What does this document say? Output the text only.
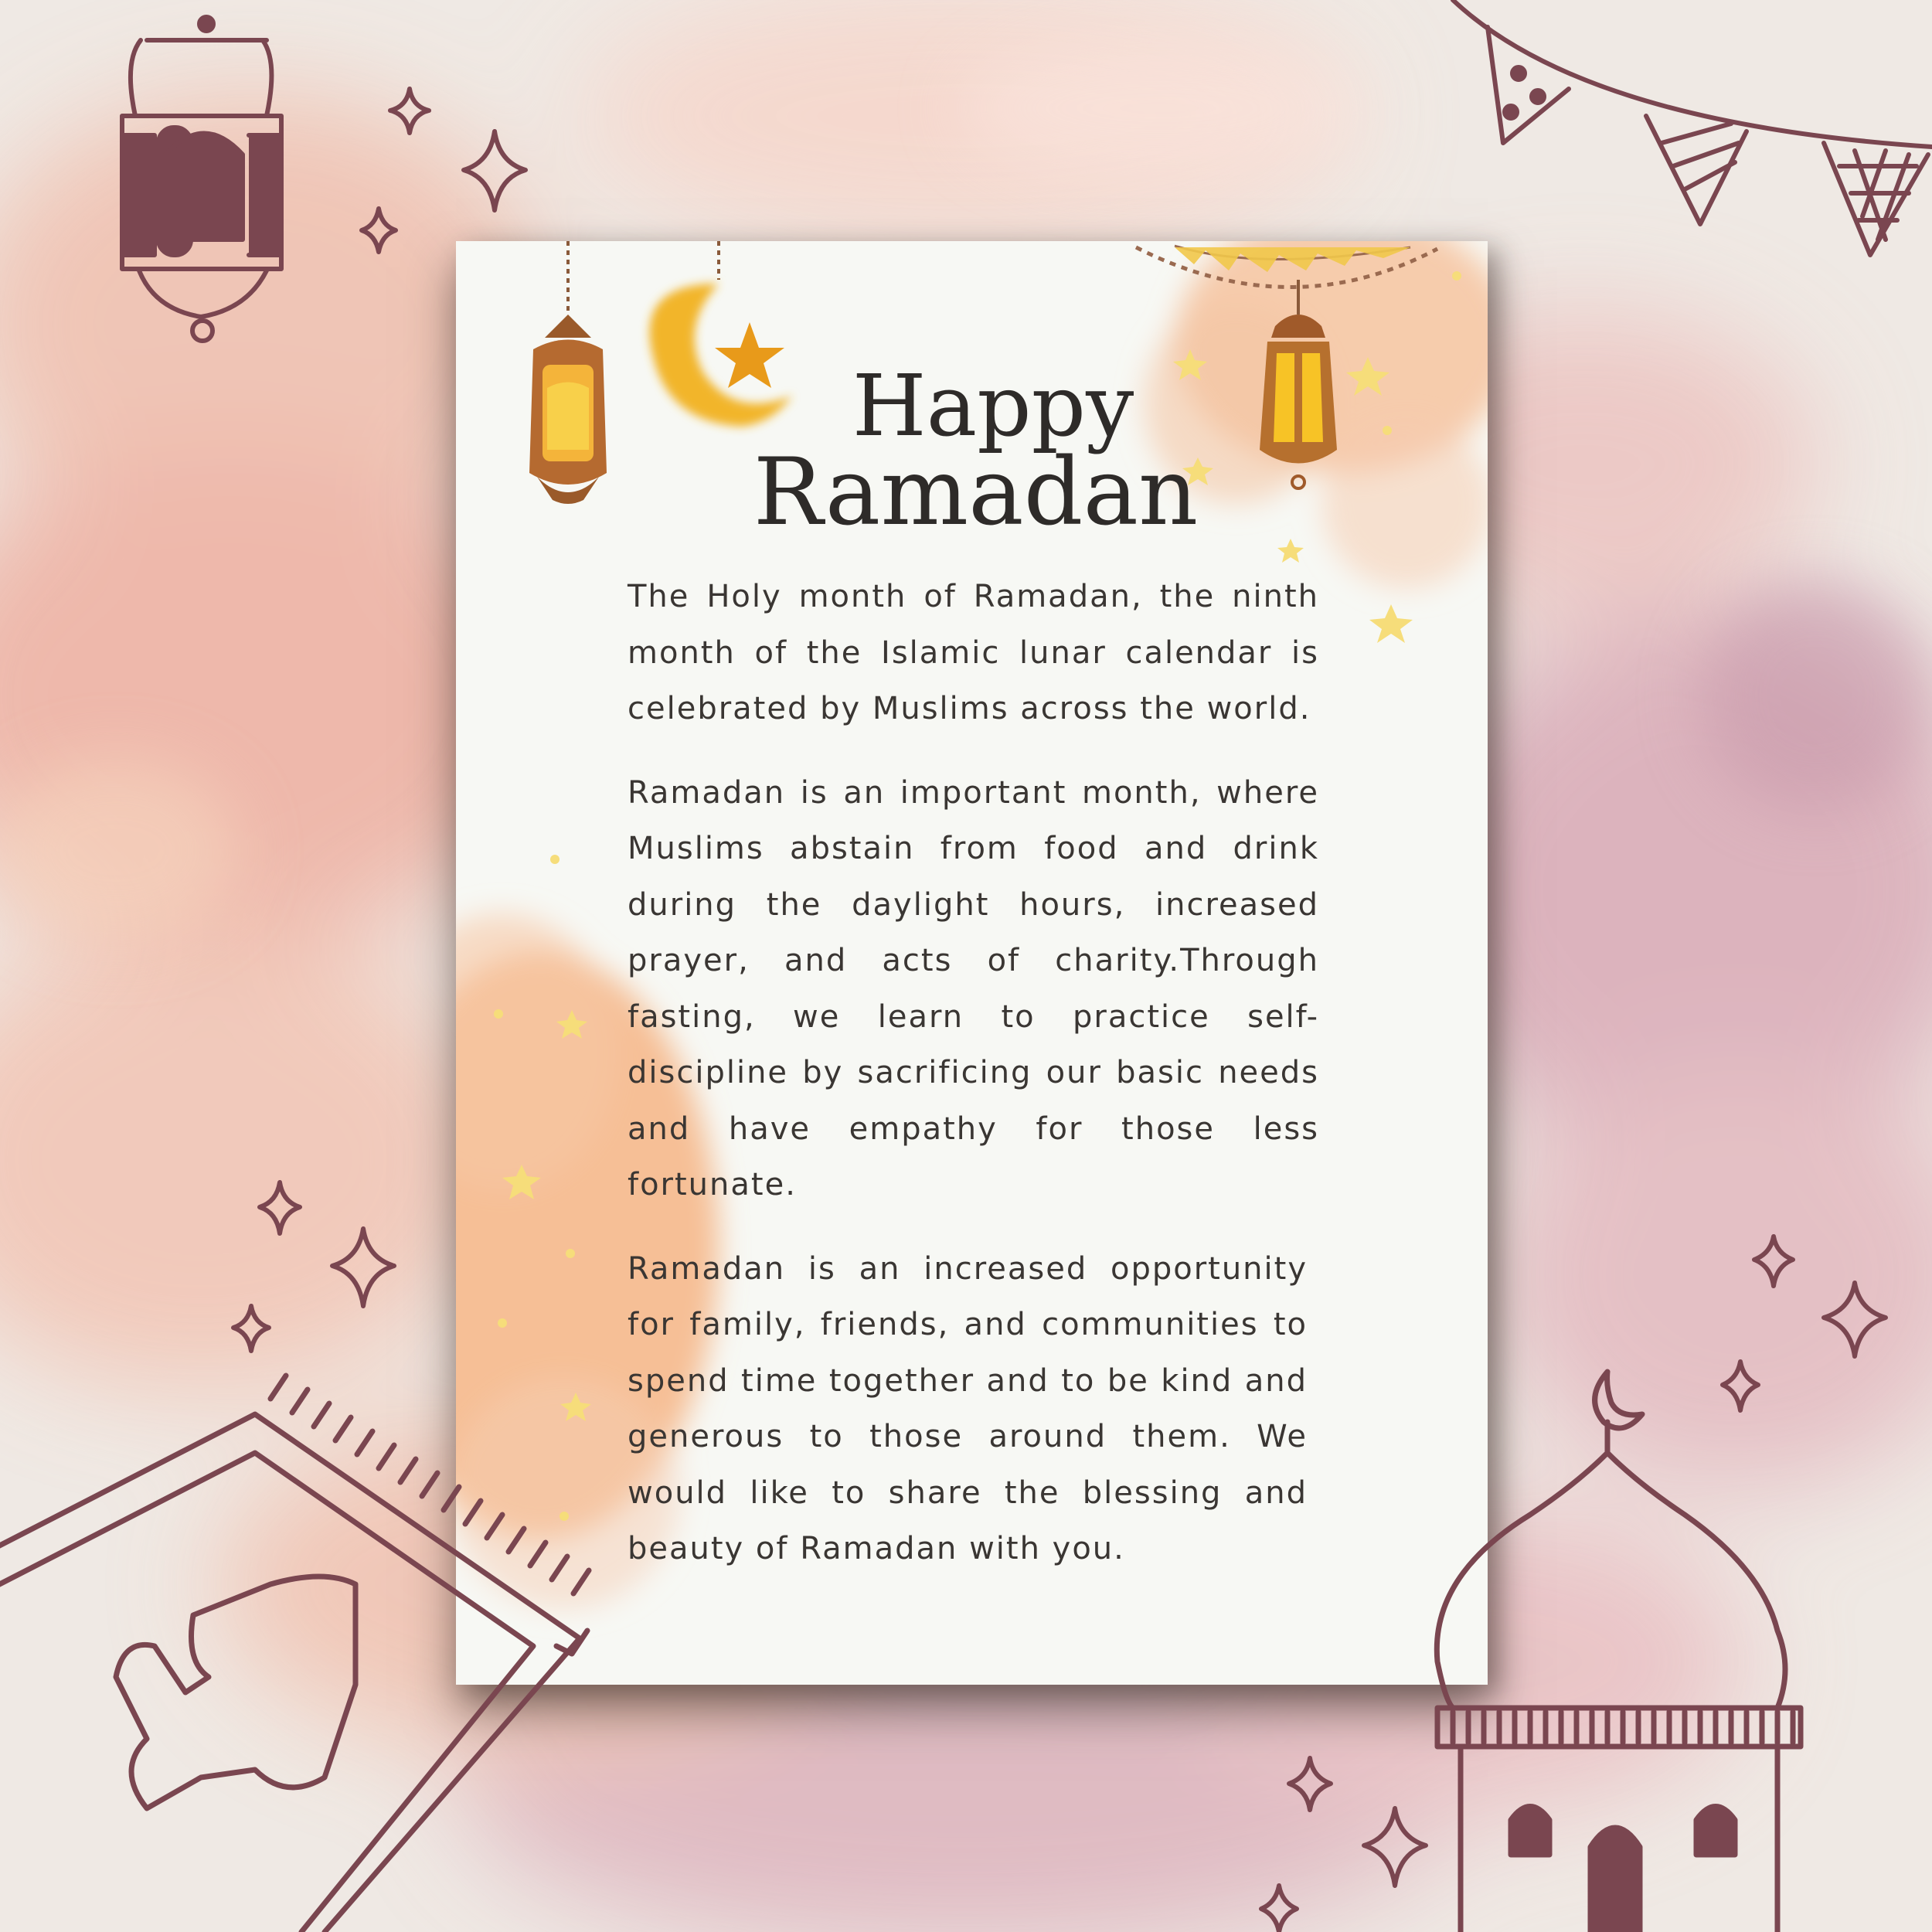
Happy
Ramadan

The Holy month of Ramadan, the ninth month of the Islamic lunar calendar is celebrated by Muslims across the world.

Ramadan is an important month, where Muslims abstain from food and drink during the daylight hours, increased prayer, and acts of charity.Through fasting, we learn to practice self-discipline by sacrificing our basic needs and have empathy for those less fortunate.

Ramadan is an increased opportunity for family, friends, and communities to spend time together and to be kind and generous to those around them. We would like to share the blessing and beauty of Ramadan with you.
